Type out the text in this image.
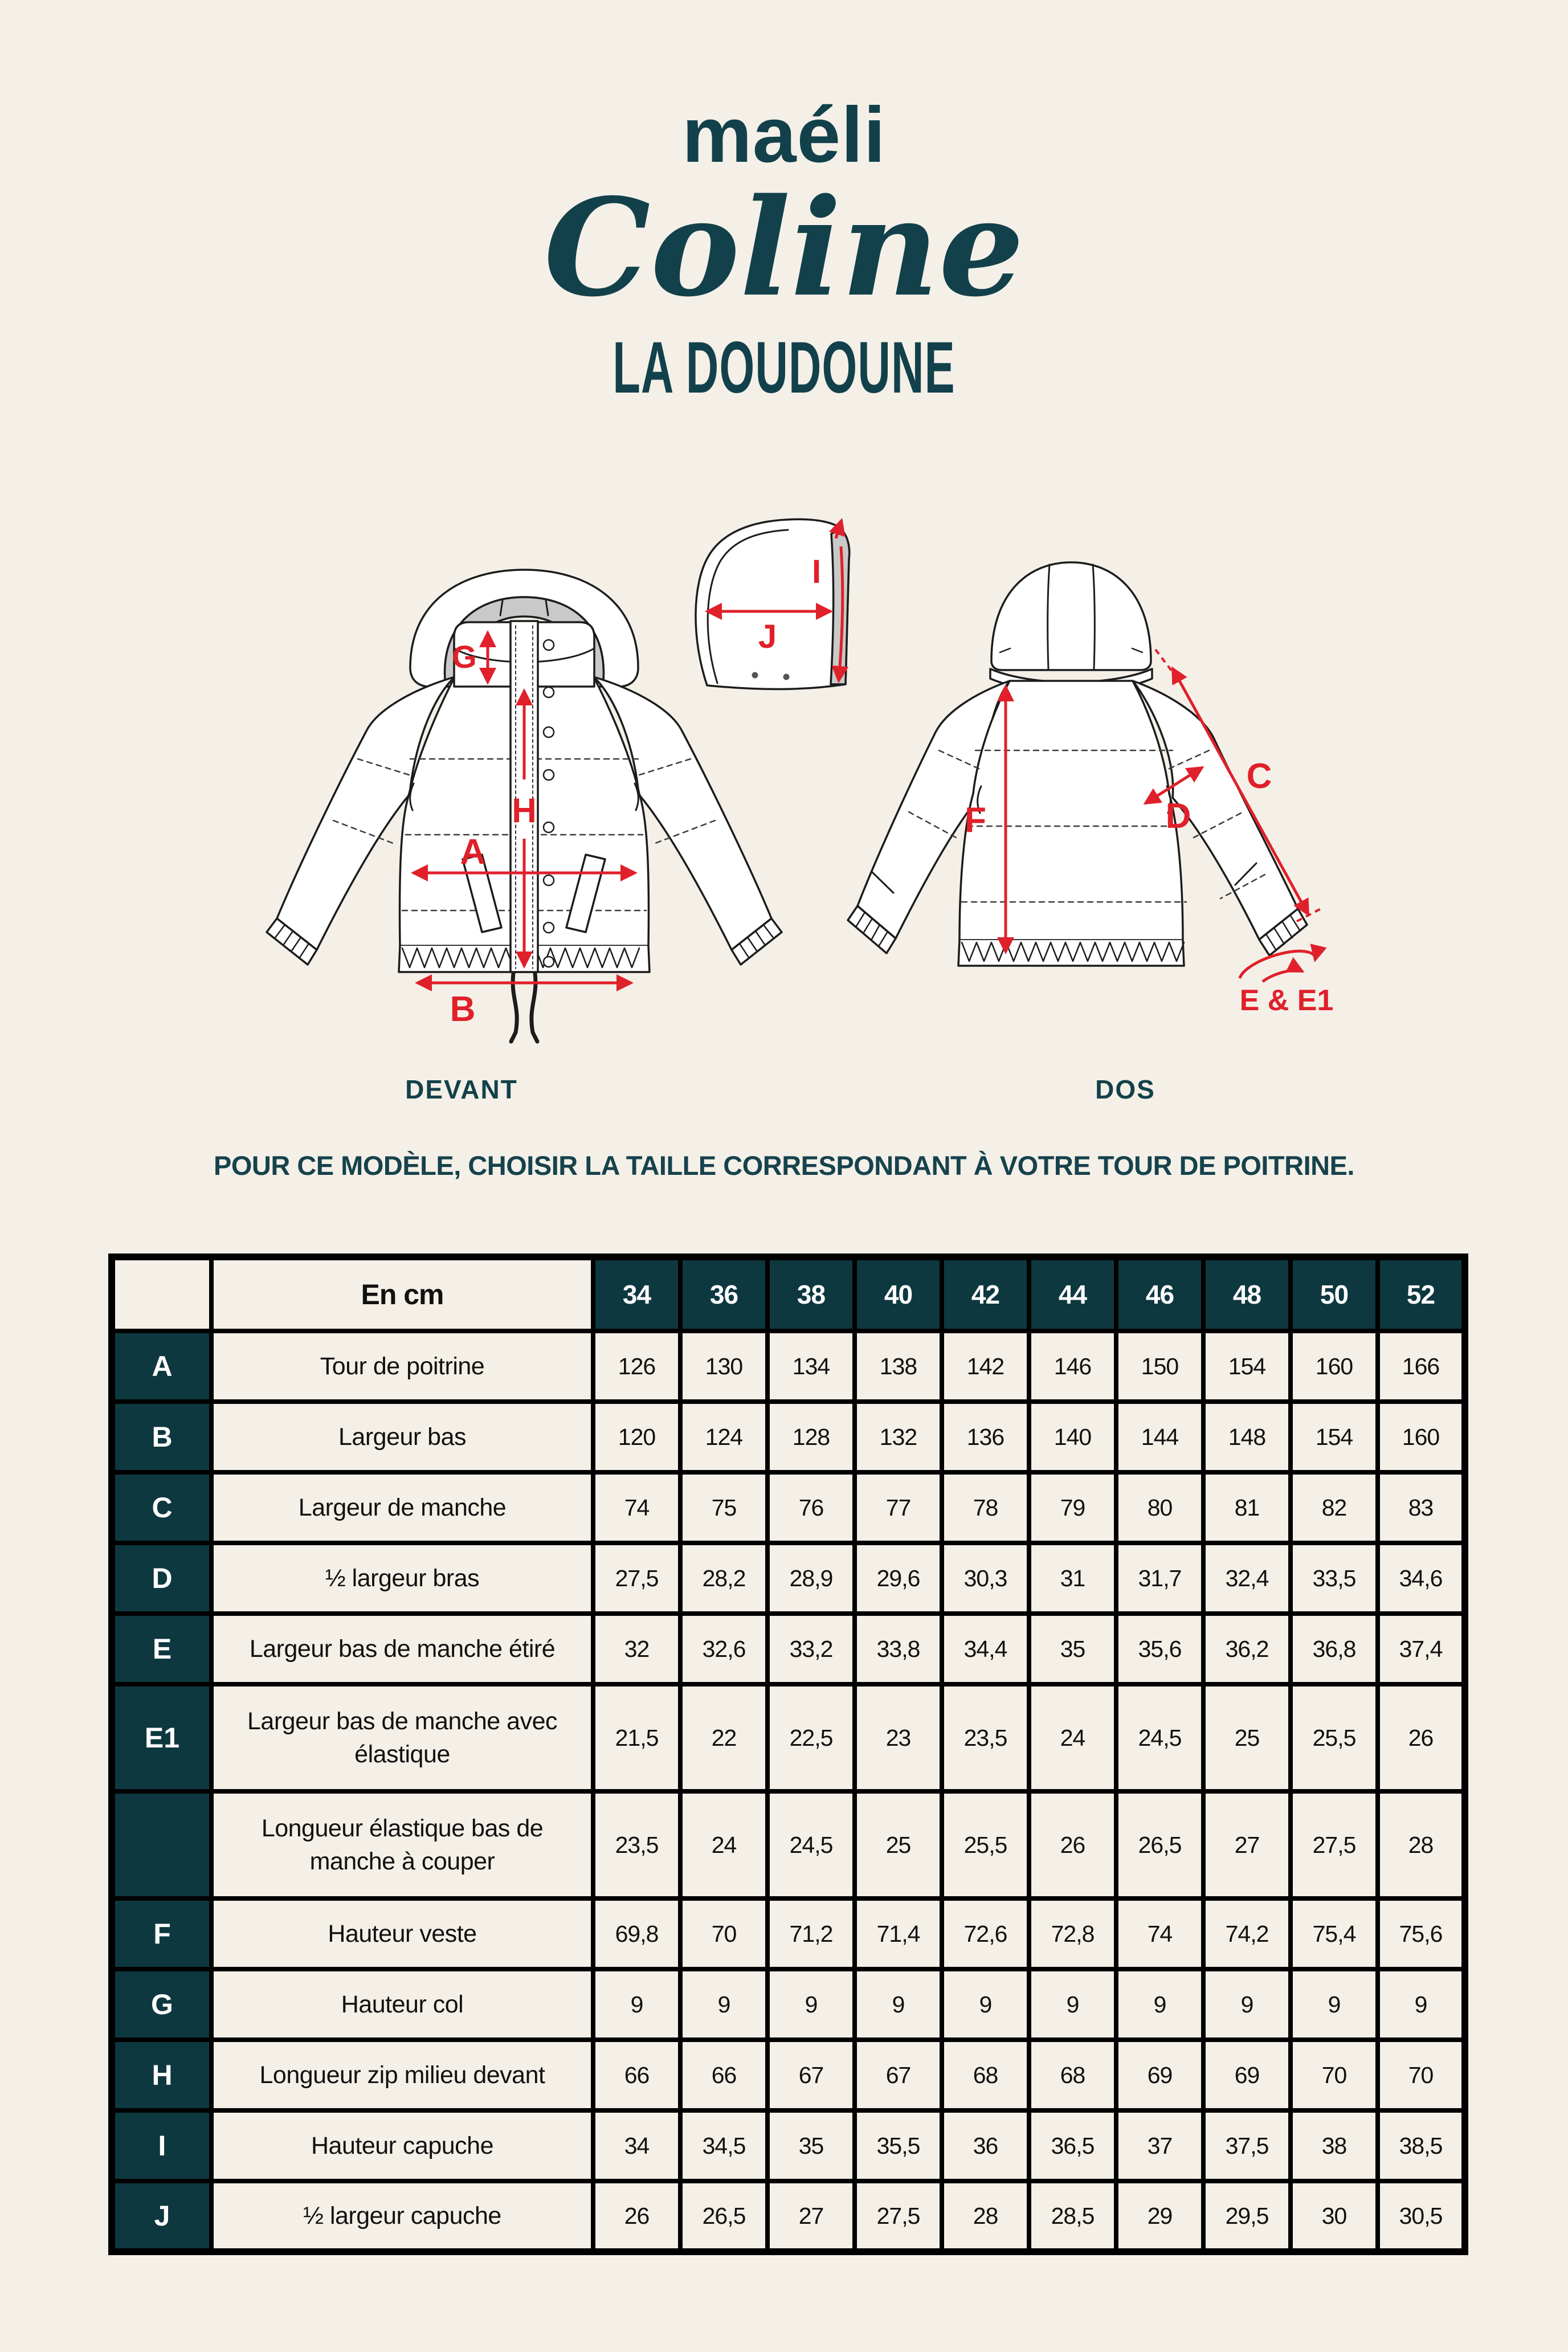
maéli
Coline
LA DOUDOUNE
G
H
A
B
I
J
F
C
D
E & E1
DEVANT	DOS
POUR CE MODÈLE, CHOISIR LA TAILLE CORRESPONDANT À VOTRE TOUR DE POITRINE.
	En cm	34	36	38	40	42	44	46	48	50	52
A	Tour de poitrine	126	130	134	138	142	146	150	154	160	166
B	Largeur bas	120	124	128	132	136	140	144	148	154	160
C	Largeur de manche	74	75	76	77	78	79	80	81	82	83
D	½ largeur bras	27,5	28,2	28,9	29,6	30,3	31	31,7	32,4	33,5	34,6
E	Largeur bas de manche étiré	32	32,6	33,2	33,8	34,4	35	35,6	36,2	36,8	37,4
E1	Largeur bas de manche avec élastique	21,5	22	22,5	23	23,5	24	24,5	25	25,5	26
	Longueur élastique bas de manche à couper	23,5	24	24,5	25	25,5	26	26,5	27	27,5	28
F	Hauteur veste	69,8	70	71,2	71,4	72,6	72,8	74	74,2	75,4	75,6
G	Hauteur col	9	9	9	9	9	9	9	9	9	9
H	Longueur zip milieu devant	66	66	67	67	68	68	69	69	70	70
I	Hauteur capuche	34	34,5	35	35,5	36	36,5	37	37,5	38	38,5
J	½ largeur capuche	26	26,5	27	27,5	28	28,5	29	29,5	30	30,5
